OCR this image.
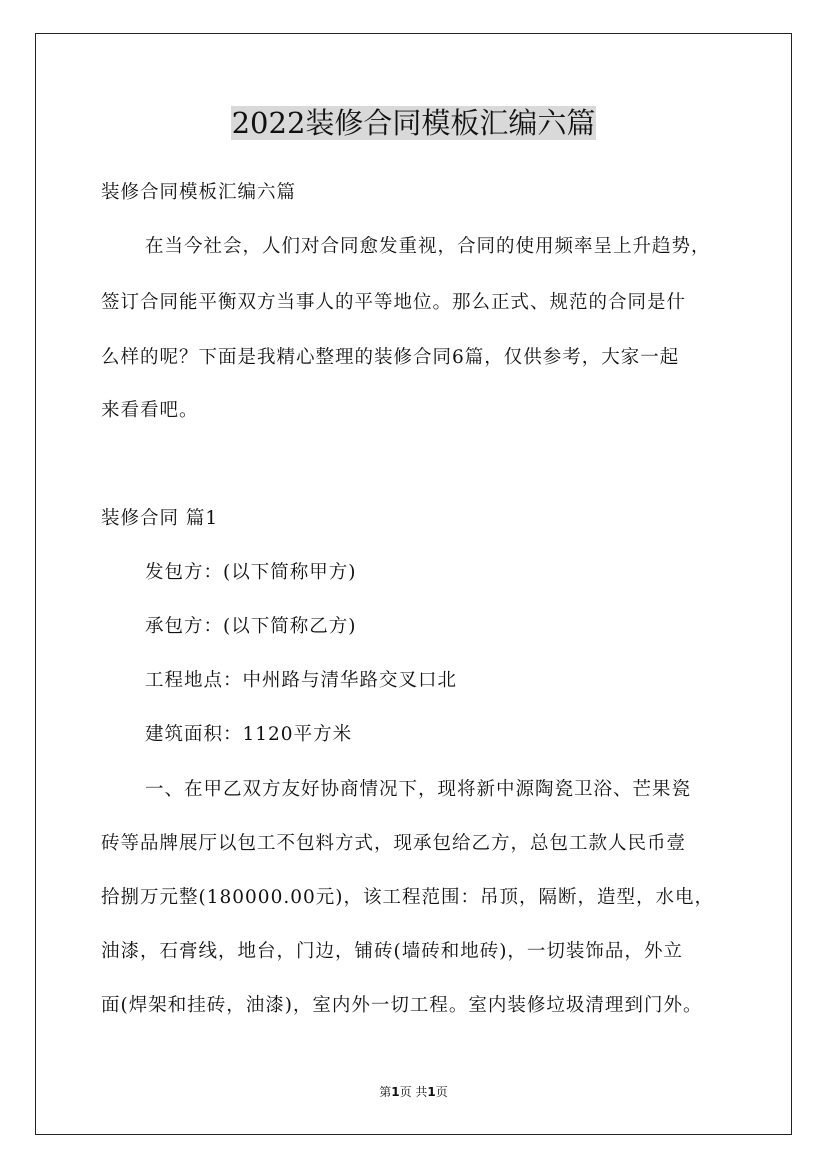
2022装修合同模板汇编六篇
装修合同模板汇编六篇
在当今社会，人们对合同愈发重视，合同的使用频率呈上升趋势，
签订合同能平衡双方当事人的平等地位。那么正式、规范的合同是什
么样的呢？下面是我精心整理的装修合同6篇，仅供参考，大家一起
来看看吧。
装修合同 篇1
发包方：(以下简称甲方)
承包方：(以下简称乙方)
工程地点：中州路与清华路交叉口北
建筑面积：1120平方米
一、在甲乙双方友好协商情况下，现将新中源陶瓷卫浴、芒果瓷
砖等品牌展厅以包工不包料方式，现承包给乙方，总包工款人民币壹
拾捌万元整(180000.00元)，该工程范围：吊顶，隔断，造型，水电，
油漆，石膏线，地台，门边，铺砖(墙砖和地砖)，一切装饰品，外立
面(焊架和挂砖，油漆)，室内外一切工程。室内装修垃圾清理到门外。
第1页 共1页
